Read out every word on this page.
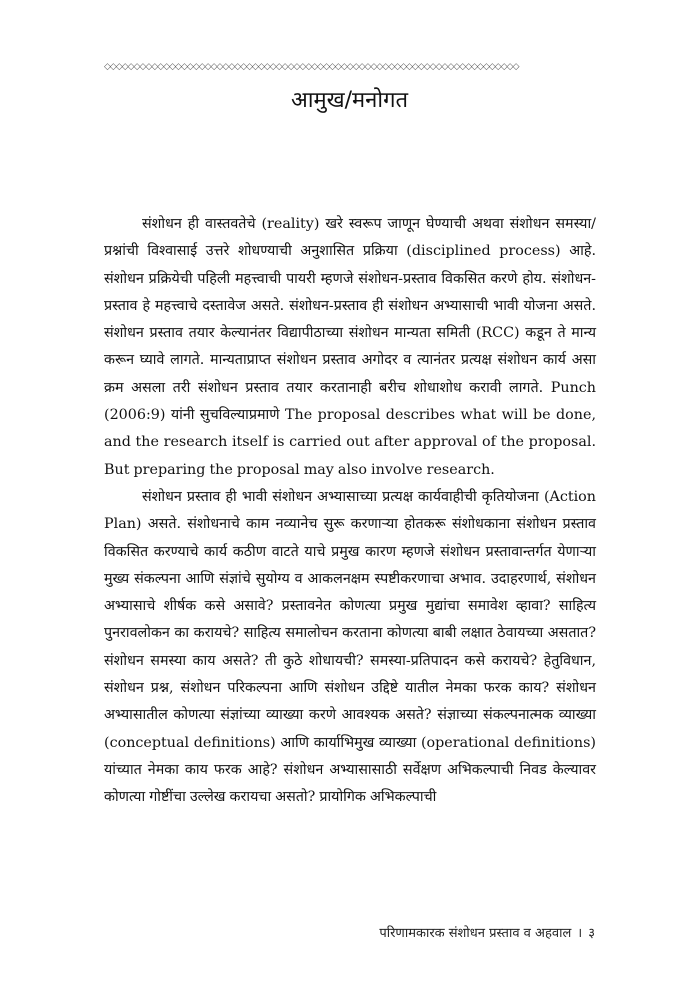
◇◇◇◇◇◇◇◇◇◇◇◇◇◇◇◇◇◇◇◇◇◇◇◇◇◇◇◇◇◇◇◇◇◇◇◇◇◇◇◇◇◇◇◇◇◇◇◇◇◇◇◇◇◇◇◇◇◇◇◇◇◇◇◇◇◇◇◇◇◇
आमुख/मनोगत

संशोधन ही वास्तवतेचे (reality) खरे स्वरूप जाणून घेण्याची अथवा संशोधन समस्या/प्रश्नांची विश्वासाई उत्तरे शोधण्याची अनुशासित प्रक्रिया (disciplined process) आहे. संशोधन प्रक्रियेची पहिली महत्त्वाची पायरी म्हणजे संशोधन-प्रस्ताव विकसित करणे होय. संशोधन-प्रस्ताव हे महत्त्वाचे दस्तावेज असते. संशोधन-प्रस्ताव ही संशोधन अभ्यासाची भावी योजना असते. संशोधन प्रस्ताव तयार केल्यानंतर विद्यापीठाच्या संशोधन मान्यता समिती (RCC) कडून ते मान्य करून घ्यावे लागते. मान्यताप्राप्त संशोधन प्रस्ताव अगोदर व त्यानंतर प्रत्यक्ष संशोधन कार्य असा क्रम असला तरी संशोधन प्रस्ताव तयार करतानाही बरीच शोधाशोध करावी लागते. Punch (2006:9) यांनी सुचविल्याप्रमाणे The proposal describes what will be done, and the research itself is carried out after approval of the proposal. But preparing the proposal may also involve research.

संशोधन प्रस्ताव ही भावी संशोधन अभ्यासाच्या प्रत्यक्ष कार्यवाहीची कृतियोजना (Action Plan) असते. संशोधनाचे काम नव्यानेच सुरू करणाऱ्या होतकरू संशोधकाना संशोधन प्रस्ताव विकसित करण्याचे कार्य कठीण वाटते याचे प्रमुख कारण म्हणजे संशोधन प्रस्तावान्तर्गत येणाऱ्या मुख्य संकल्पना आणि संज्ञांचे सुयोग्य व आकलनक्षम स्पष्टीकरणाचा अभाव. उदाहरणार्थ, संशोधन अभ्यासाचे शीर्षक कसे असावे? प्रस्तावनेत कोणत्या प्रमुख मुद्यांचा समावेश व्हावा? साहित्य पुनरावलोकन का करायचे? साहित्य समालोचन करताना कोणत्या बाबी लक्षात ठेवायच्या असतात? संशोधन समस्या काय असते? ती कुठे शोधायची? समस्या-प्रतिपादन कसे करायचे? हेतुविधान, संशोधन प्रश्न, संशोधन परिकल्पना आणि संशोधन उद्दिष्टे यातील नेमका फरक काय? संशोधन अभ्यासातील कोणत्या संज्ञांच्या व्याख्या करणे आवश्यक असते? संज्ञाच्या संकल्पनात्मक व्याख्या (conceptual definitions) आणि कार्याभिमुख व्याख्या (operational definitions) यांच्यात नेमका काय फरक आहे? संशोधन अभ्यासासाठी सर्वेक्षण अभिकल्पाची निवड केल्यावर कोणत्या गोष्टींचा उल्लेख करायचा असतो? प्रायोगिक अभिकल्पाची

परिणामकारक संशोधन प्रस्ताव व अहवाल । ३
